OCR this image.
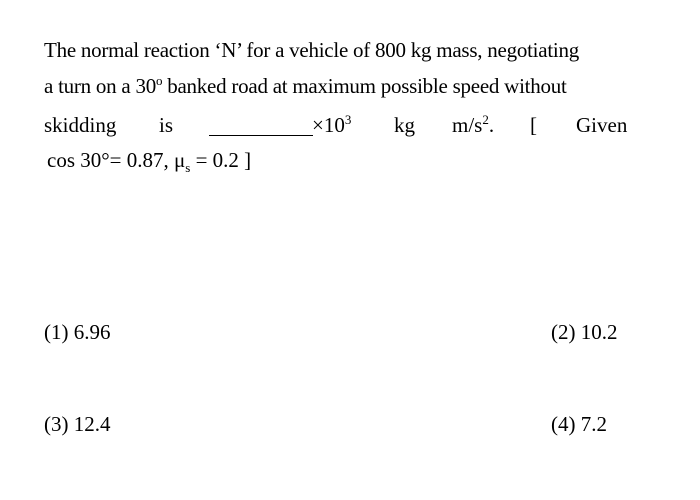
The normal reaction ‘N’ for a vehicle of 800 kg mass, negotiating
a turn on a 30$^o$ banked road at maximum possible speed without
skidding is	$\times 10^3$ kg $m/s^2$. [ Given
cos 30°= 0.87, $\mu_s = 0.2$ ]
(1) 6.96	(2) 10.2
(3) 12.4	(4) 7.2
